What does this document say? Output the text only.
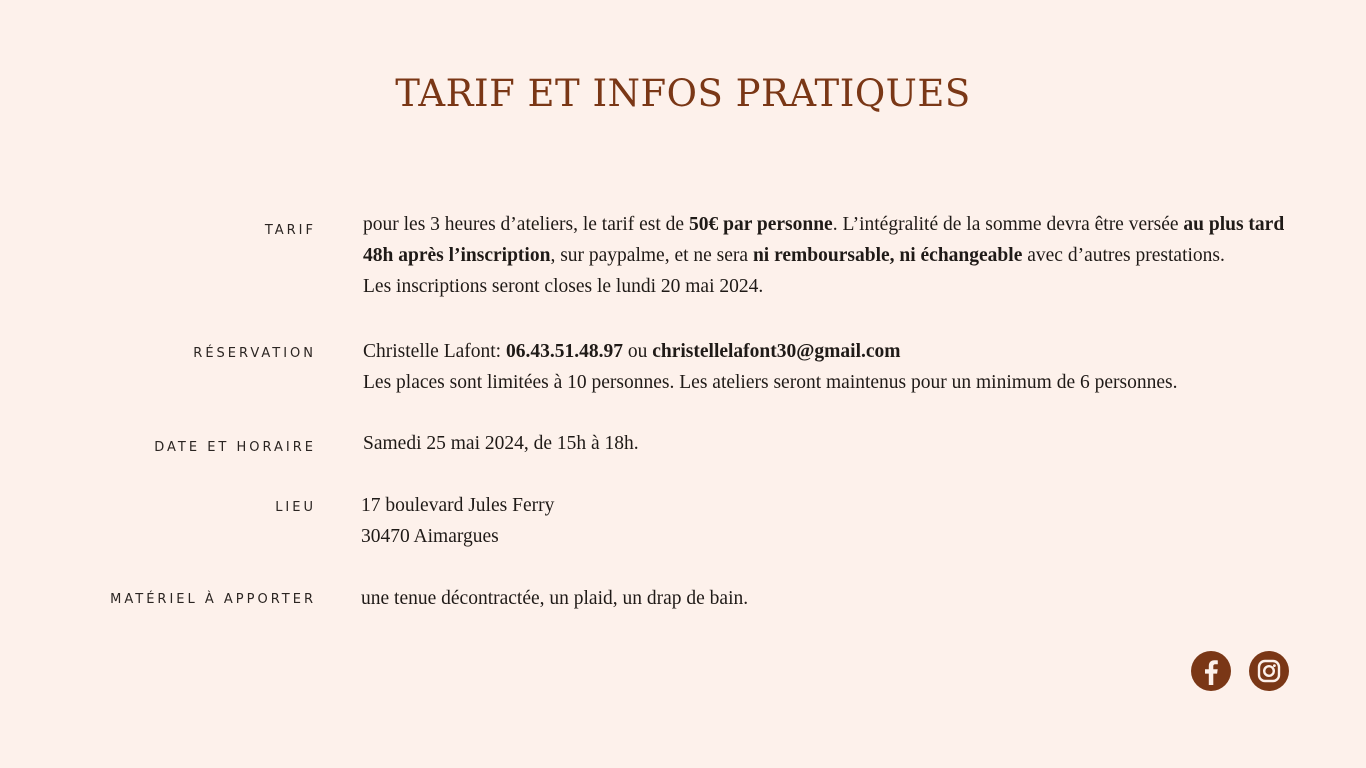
TARIF ET INFOS PRATIQUES
TARIF pour les 3 heures d’ateliers, le tarif est de 50€ par personne. L’intégralité de la somme devra être versée au plus tard 48h après l’inscription, sur paypalme, et ne sera ni remboursable, ni échangeable avec d’autres prestations.

Les inscriptions seront closes le lundi 20 mai 2024.

RÉSERVATION Christelle Lafont: 06.43.51.48.97 ou christellelafont30@gmail.com

Les places sont limitées à 10 personnes. Les ateliers seront maintenus pour un minimum de 6 personnes.

DATE ET HORAIRE Samedi 25 mai 2024, de 15h à 18h.
LIEU 17 boulevard Jules Ferry

30470 Aimargues

MATÉRIEL À APPORTER une tenue décontractée, un plaid, un drap de bain.
